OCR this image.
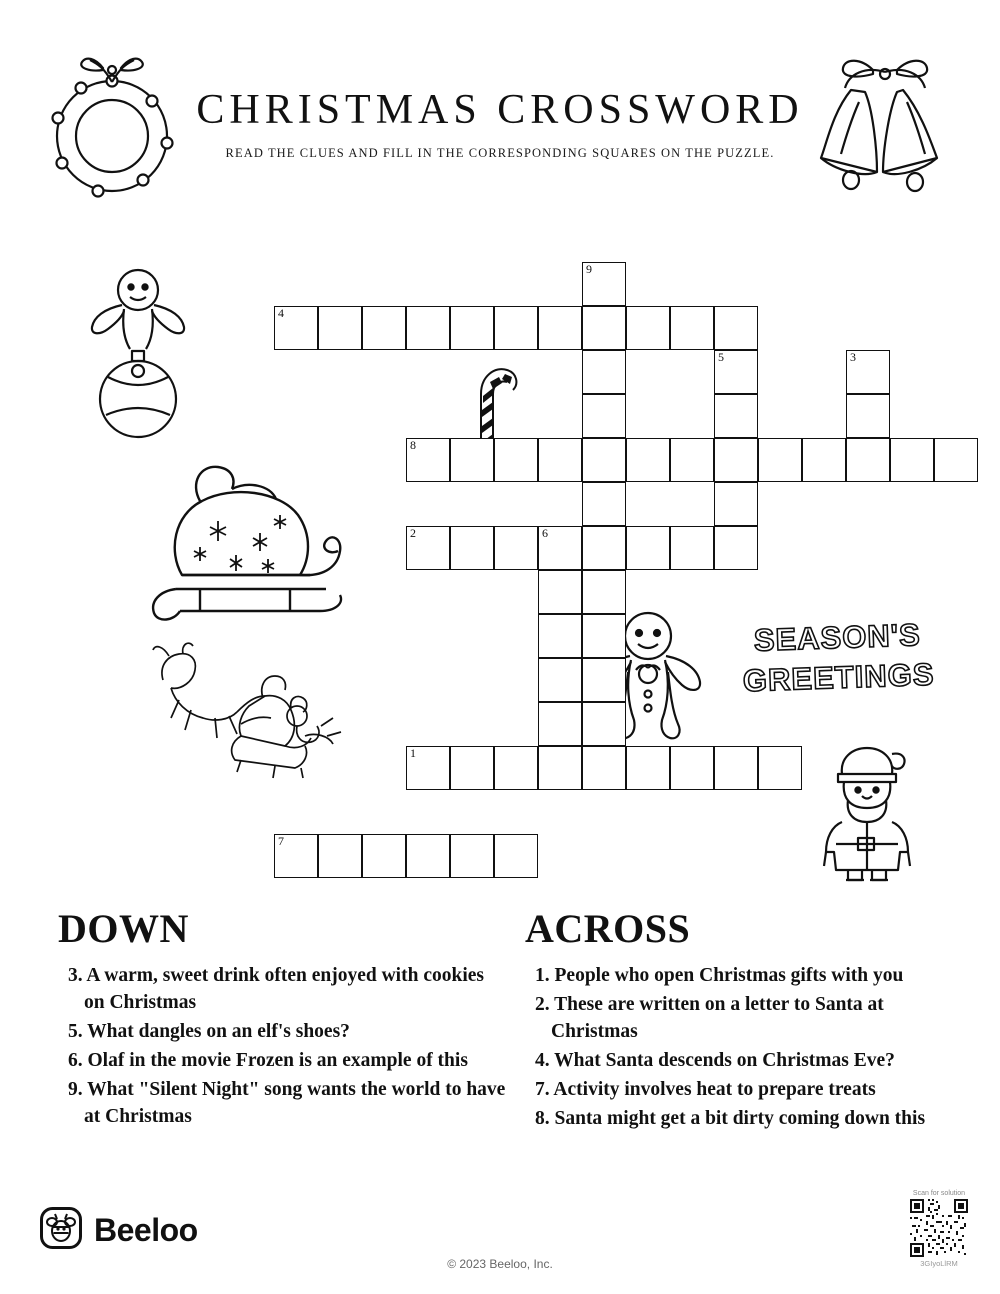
CHRISTMAS CROSSWORD
READ THE CLUES AND FILL IN THE CORRESPONDING SQUARES ON THE PUZZLE.
SEASON'S GREETINGS
9
4
5	3
8
2	6
1
7
DOWN
3. A warm, sweet drink often enjoyed with cookies on Christmas
5. What dangles on an elf's shoes?
6. Olaf in the movie Frozen is an example of this
9. What "Silent Night" song wants the world to have at Christmas
ACROSS
1. People who open Christmas gifts with you
2. These are written on a letter to Santa at Christmas
4. What Santa descends on Christmas Eve?
7. Activity involves heat to prepare treats
8. Santa might get a bit dirty coming down this
Beeloo
© 2023 Beeloo, Inc.
Scan for solution
3GIyoLlRM
